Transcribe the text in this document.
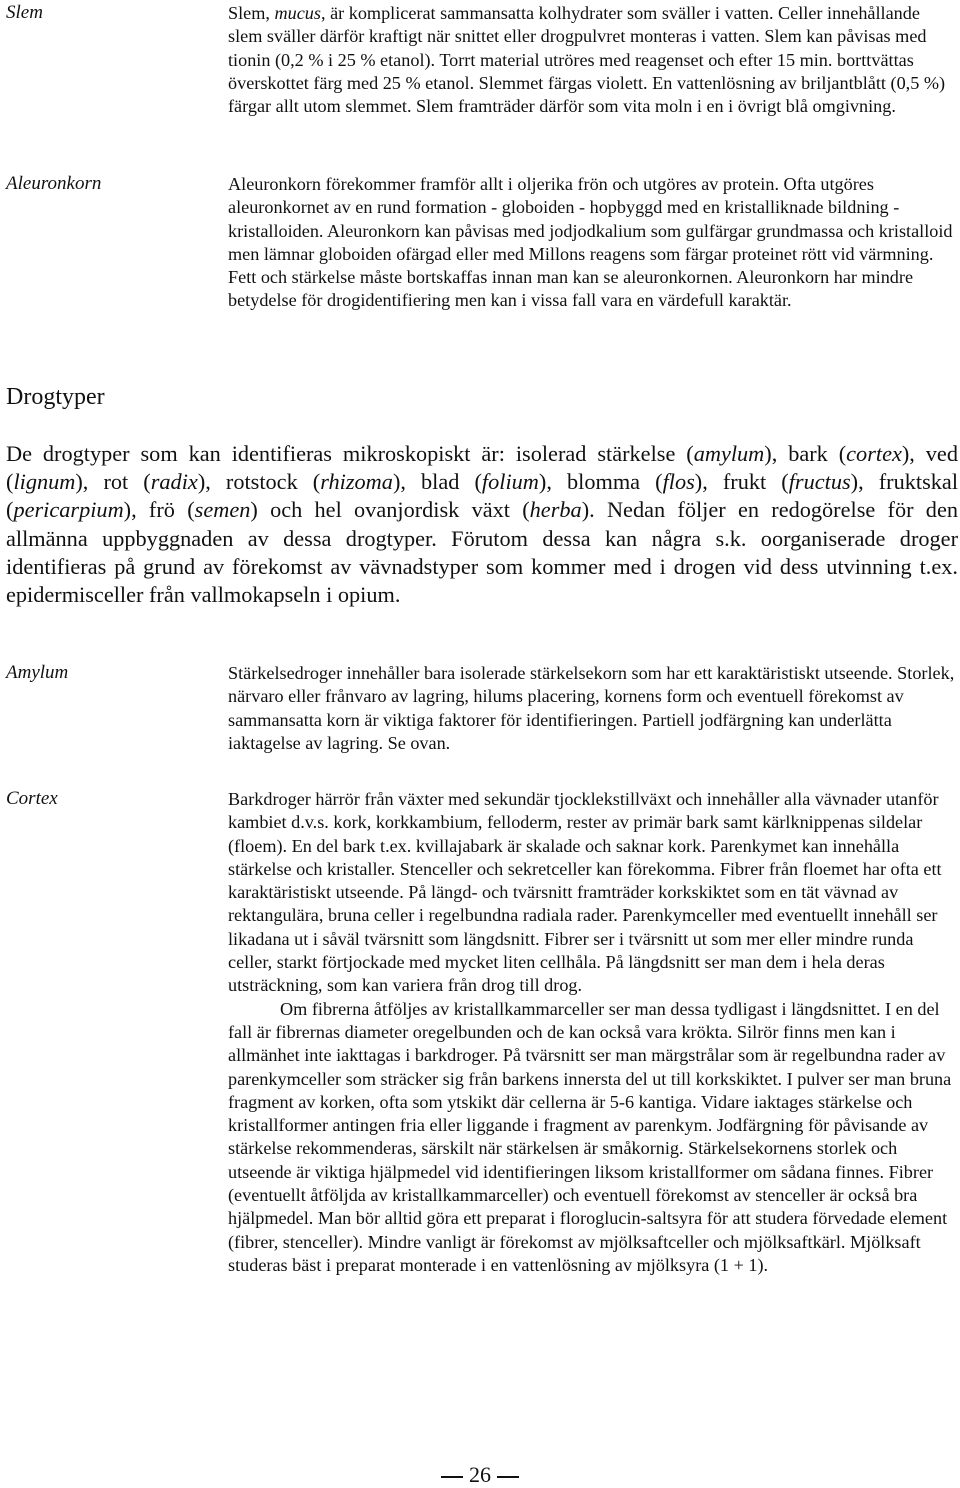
Slem	Slem, mucus, är komplicerat sammansatta kolhydrater som sväller i vatten. Celler innehållande slem sväller därför kraftigt när snittet eller drogpulvret monteras i vatten. Slem kan påvisas med tionin (0,2 % i 25 % etanol). Torrt material utröres med reagenset och efter 15 min. borttvättas överskottet färg med 25 % etanol. Slemmet färgas violett. En vattenlösning av briljantblått (0,5 %) färgar allt utom slemmet. Slem framträder därför som vita moln i en i övrigt blå omgivning.

Aleuronkorn	Aleuronkorn förekommer framför allt i oljerika frön och utgöres av protein. Ofta utgöres aleuronkornet av en rund formation - globoiden - hopbyggd med en kristalliknade bildning - kristalloiden. Aleuronkorn kan påvisas med jodjodkalium som gulfärgar grundmassa och kristalloid men lämnar globoiden ofärgad eller med Millons reagens som färgar proteinet rött vid värmning. Fett och stärkelse måste bortskaffas innan man kan se aleuronkornen. Aleuronkorn har mindre betydelse för drogidentifiering men kan i vissa fall vara en värdefull karaktär.

Drogtyper

De drogtyper som kan identifieras mikroskopiskt är: isolerad stärkelse (amylum), bark (cortex), ved (lignum), rot (radix), rotstock (rhizoma), blad (folium), blomma (flos), frukt (fructus), fruktskal (pericarpium), frö (semen) och hel ovanjordisk växt (herba). Nedan följer en redogörelse för den allmänna uppbyggnaden av dessa drogtyper. Förutom dessa kan några s.k. oorganiserade droger identifieras på grund av förekomst av vävnadstyper som kommer med i drogen vid dess utvinning t.ex. epidermisceller från vallmokapseln i opium.

Amylum	Stärkelsedroger innehåller bara isolerade stärkelsekorn som har ett karaktäristiskt utseende. Storlek, närvaro eller frånvaro av lagring, hilums placering, kornens form och eventuell förekomst av sammansatta korn är viktiga faktorer för identifieringen. Partiell jodfärgning kan underlätta iaktagelse av lagring. Se ovan.

Cortex	Barkdroger härrör från växter med sekundär tjocklekstillväxt och innehåller alla vävnader utanför kambiet d.v.s. kork, korkkambium, felloderm, rester av primär bark samt kärlknippenas sildelar (floem). En del bark t.ex. kvillajabark är skalade och saknar kork. Parenkymet kan innehålla stärkelse och kristaller. Stenceller och sekretceller kan förekomma. Fibrer från floemet har ofta ett karaktäristiskt utseende. På längd- och tvärsnitt framträder korkskiktet som en tät vävnad av rektangulära, bruna celler i regelbundna radiala rader. Parenkymceller med eventuellt innehåll ser likadana ut i såväl tvärsnitt som längdsnitt. Fibrer ser i tvärsnitt ut som mer eller mindre runda celler, starkt förtjockade med mycket liten cellhåla. På längdsnitt ser man dem i hela deras utsträckning, som kan variera från drog till drog.
Om fibrerna åtföljes av kristallkammarceller ser man dessa tydligast i längdsnittet. I en del fall är fibrernas diameter oregelbunden och de kan också vara krökta. Silrör finns men kan i allmänhet inte iakttagas i barkdroger. På tvärsnitt ser man märgstrålar som är regelbundna rader av parenkymceller som sträcker sig från barkens innersta del ut till korkskiktet. I pulver ser man bruna fragment av korken, ofta som ytskikt där cellerna är 5-6 kantiga. Vidare iaktages stärkelse och kristallformer antingen fria eller liggande i fragment av parenkym. Jodfärgning för påvisande av stärkelse rekommenderas, särskilt när stärkelsen är småkornig. Stärkelsekornens storlek och utseende är viktiga hjälpmedel vid identifieringen liksom kristallformer om sådana finnes. Fibrer (eventuellt åtföljda av kristallkammarceller) och eventuell förekomst av stenceller är också bra hjälpmedel. Man bör alltid göra ett preparat i floroglucin-saltsyra för att studera förvedade element (fibrer, stenceller). Mindre vanligt är förekomst av mjölksaftceller och mjölksaftkärl. Mjölksaft studeras bäst i preparat monterade i en vattenlösning av mjölksyra (1 + 1).

26
